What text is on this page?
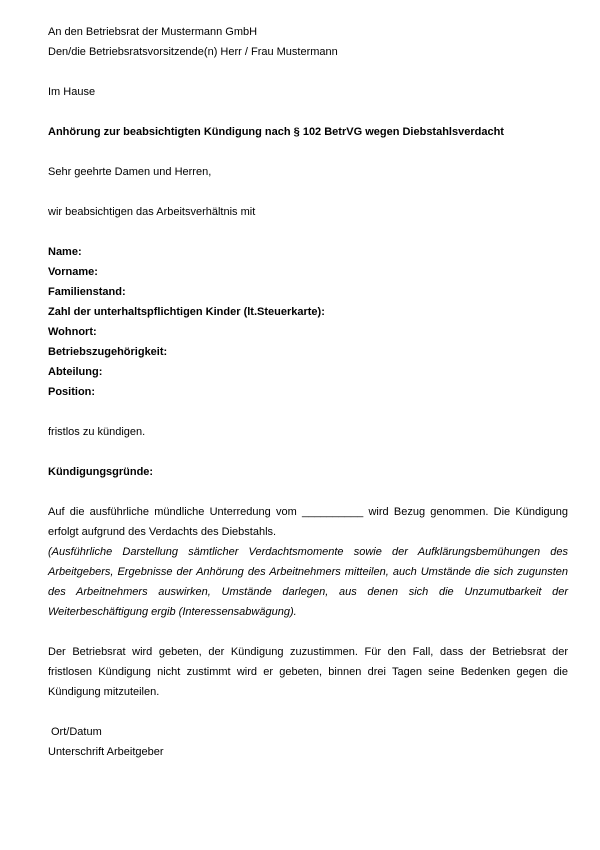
An den Betriebsrat der Mustermann GmbH

Den/die Betriebsratsvorsitzende(n) Herr / Frau Mustermann

Im Hause

Anhörung zur beabsichtigten Kündigung nach § 102 BetrVG wegen Diebstahlsverdacht

Sehr geehrte Damen und Herren,

wir beabsichtigen das Arbeitsverhältnis mit

Name:

Vorname:

Familienstand:

Zahl der unterhaltspflichtigen Kinder (lt.Steuerkarte):

Wohnort:

Betriebszugehörigkeit:

Abteilung:

Position:

fristlos zu kündigen.

Kündigungsgründe:

Auf die ausführliche mündliche Unterredung vom __________ wird Bezug genommen. Die Kündigung erfolgt aufgrund des Verdachts des Diebstahls.

(Ausführliche Darstellung sämtlicher Verdachtsmomente sowie der Aufklärungsbemühungen des Arbeitgebers, Ergebnisse der Anhörung des Arbeitnehmers mitteilen, auch Umstände die sich zugunsten des Arbeitnehmers auswirken, Umstände darlegen, aus denen sich die Unzumutbarkeit der Weiterbeschäftigung ergib (Interessensabwägung).

Der Betriebsrat wird gebeten, der Kündigung zuzustimmen. Für den Fall, dass der Betriebsrat der fristlosen Kündigung nicht zustimmt wird er gebeten, binnen drei Tagen seine Bedenken gegen die Kündigung mitzuteilen.

Ort/Datum

Unterschrift Arbeitgeber
